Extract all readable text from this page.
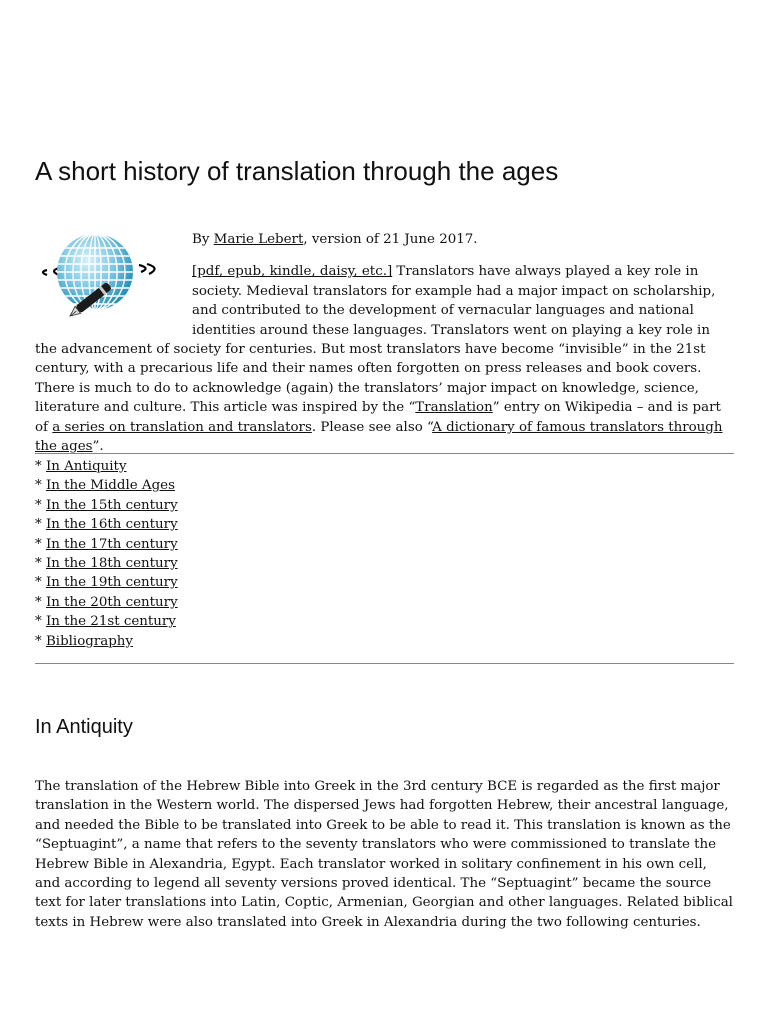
A short history of translation through the ages

By Marie Lebert, version of 21 June 2017.

[pdf, epub, kindle, daisy, etc.] Translators have always played a key role in society. Medieval translators for example had a major impact on scholarship, and contributed to the development of vernacular languages and national identities around these languages. Translators went on playing a key role in the advancement of society for centuries. But most translators have become “invisible” in the 21st century, with a precarious life and their names often forgotten on press releases and book covers. There is much to do to acknowledge (again) the translators’ major impact on knowledge, science, literature and culture. This article was inspired by the “Translation” entry on Wikipedia – and is part of a series on translation and translators. Please see also “A dictionary of famous translators through the ages”.

* In Antiquity
* In the Middle Ages
* In the 15th century
* In the 16th century
* In the 17th century
* In the 18th century
* In the 19th century
* In the 20th century
* In the 21st century
* Bibliography
In Antiquity

The translation of the Hebrew Bible into Greek in the 3rd century BCE is regarded as the first major translation in the Western world. The dispersed Jews had forgotten Hebrew, their ancestral language, and needed the Bible to be translated into Greek to be able to read it. This translation is known as the “Septuagint”, a name that refers to the seventy translators who were commissioned to translate the Hebrew Bible in Alexandria, Egypt. Each translator worked in solitary confinement in his own cell, and according to legend all seventy versions proved identical. The “Septuagint” became the source text for later translations into Latin, Coptic, Armenian, Georgian and other languages. Related biblical texts in Hebrew were also translated into Greek in Alexandria during the two following centuries.
